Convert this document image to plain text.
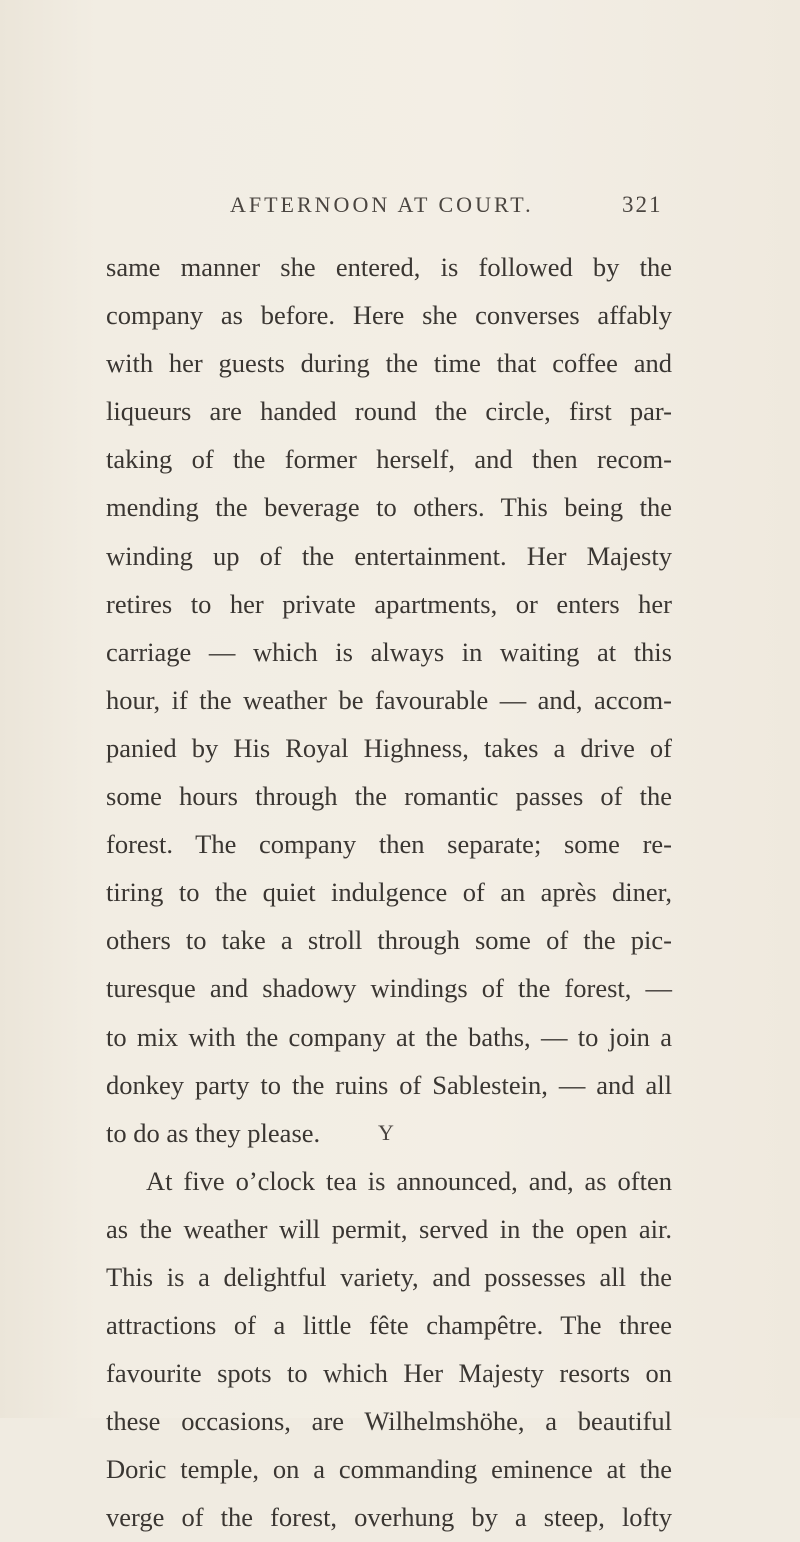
AFTERNOON AT COURT.	321
same manner she entered, is followed by the
company as before. Here she converses affably
with her guests during the time that coffee and
liqueurs are handed round the circle, first par-
taking of the former herself, and then recom-
mending the beverage to others. This being the
winding up of the entertainment. Her Majesty
retires to her private apartments, or enters her
carriage — which is always in waiting at this
hour, if the weather be favourable — and, accom-
panied by His Royal Highness, takes a drive of
some hours through the romantic passes of the
forest. The company then separate; some re-
tiring to the quiet indulgence of an après diner,
others to take a stroll through some of the pic-
turesque and shadowy windings of the forest, —
to mix with the company at the baths, — to join a
donkey party to the ruins of Sablestein, — and all
to do as they please.
At five o’clock tea is announced, and, as often
as the weather will permit, served in the open air.
This is a delightful variety, and possesses all the
attractions of a little fête champêtre. The three
favourite spots to which Her Majesty resorts on
these occasions, are Wilhelmshöhe, a beautiful
Doric temple, on a commanding eminence at the
verge of the forest, overhung by a steep, lofty
Y
